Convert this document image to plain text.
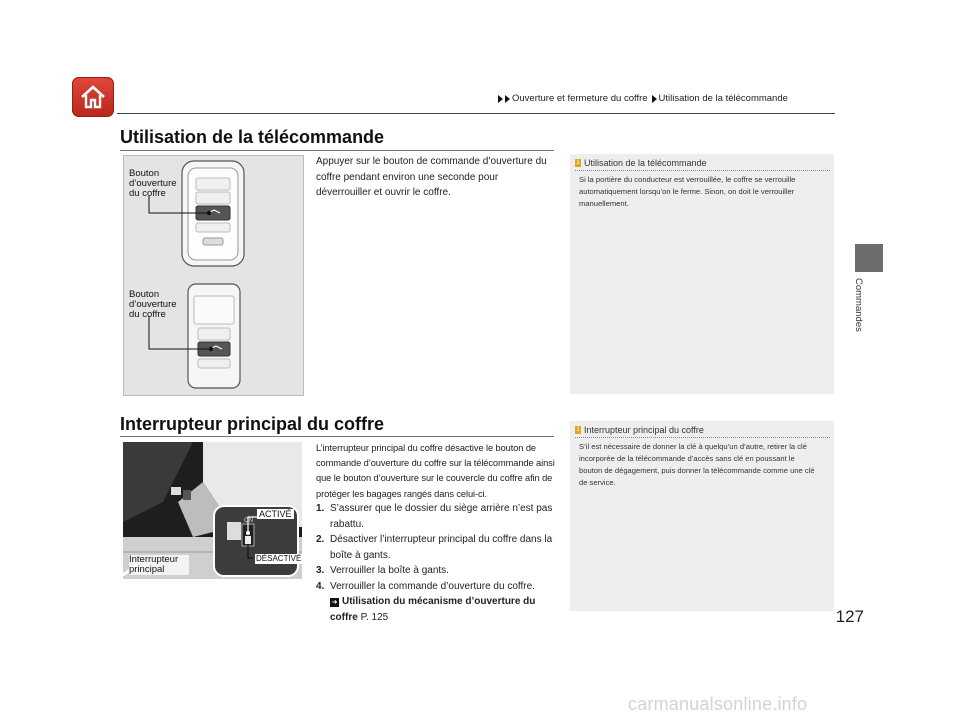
Ouverture et fermeture du coffre Utilisation de la télécommande
Commandes
Utilisation de la télécommande
Bouton d’ouverture du coffre
Bouton d’ouverture du coffre
Appuyer sur le bouton de commande d’ouverture du coffre pendant environ une seconde pour déverrouiller et ouvrir le coffre.
1 Utilisation de la télécommande
Si la portière du conducteur est verrouillée, le coffre se verrouille automatiquement lorsqu’on le ferme. Sinon, on doit le verrouiller manuellement.
Interrupteur principal du coffre
ON
ACTIVÉ
DÉSACTIVÉ
Interrupteur principal
L’interrupteur principal du coffre désactive le bouton de commande d’ouverture du coffre sur la télécommande ainsi que le bouton d’ouverture sur le couvercle du coffre afin de protéger les bagages rangés dans celui-ci.
1. S’assurer que le dossier du siège arrière n’est pas rabattu.
2. Désactiver l’interrupteur principal du coffre dans la boîte à gants.
3. Verrouiller la boîte à gants.
4. Verrouiller la commande d’ouverture du coffre.
➜ Utilisation du mécanisme d’ouverture du coffre P. 125
1 Interrupteur principal du coffre
S’il est nécessaire de donner la clé à quelqu’un d’autre, retirer la clé incorporée de la télécommande d’accès sans clé en poussant le bouton de dégagement, puis donner la télécommande comme une clé de service.
127
carmanualsonline.info
